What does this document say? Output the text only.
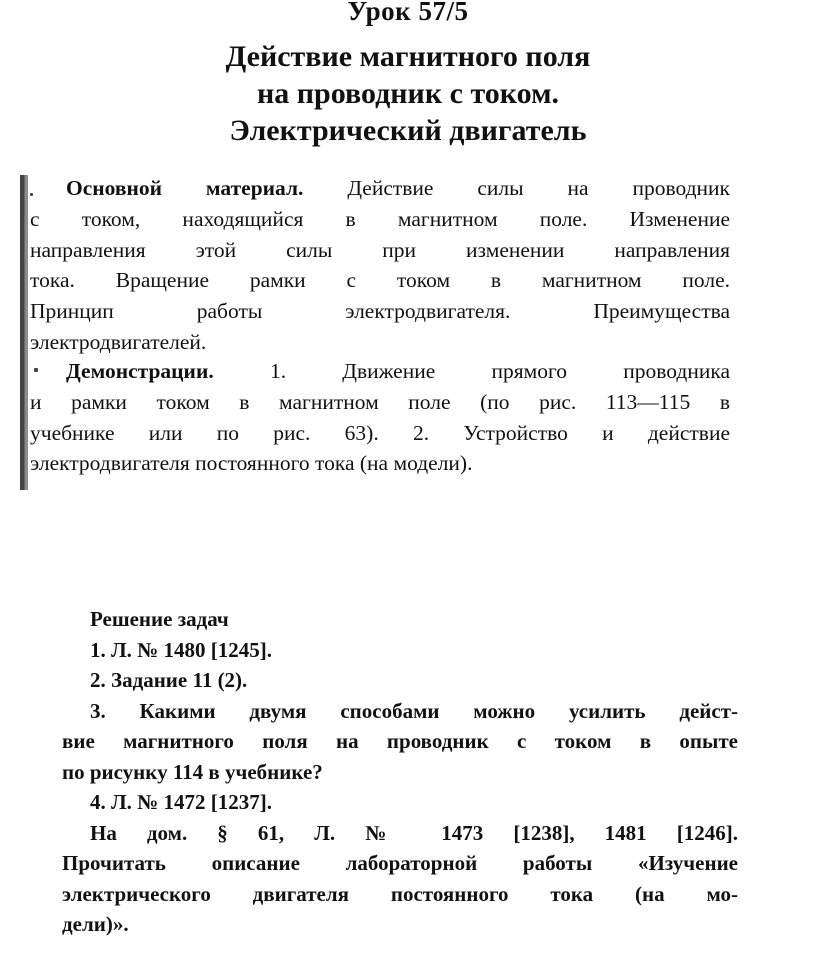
Урок 57/5
Действие магнитного поля
на проводник с током.
Электрический двигатель
Основной материал. Действие силы на проводник
с током, находящийся в магнитном поле. Изменение
направления этой силы при изменении направления
тока. Вращение рамки с током в магнитном поле.
Принцип работы электродвигателя. Преимущества
электродвигателей.
Демонстрации.	1. Движение прямого проводника
и рамки током в магнитном поле (по рис. 113—115 в
учебнике или по рис. 63). 2. Устройство и действие
электродвигателя постоянного тока (на модели).
Решение задач
1. Л. № 1480 [1245].
2. Задание 11 (2).
3. Какими двумя способами можно усилить дейст-
вие магнитного поля на проводник с током в опыте
по рисунку 114 в учебнике?
4. Л. № 1472 [1237].
На дом. § 61, Л. № 1473 [1238], 1481 [1246].
Прочитать описание лабораторной работы «Изучение
электрического двигателя постоянного тока (на мо-
дели)».
